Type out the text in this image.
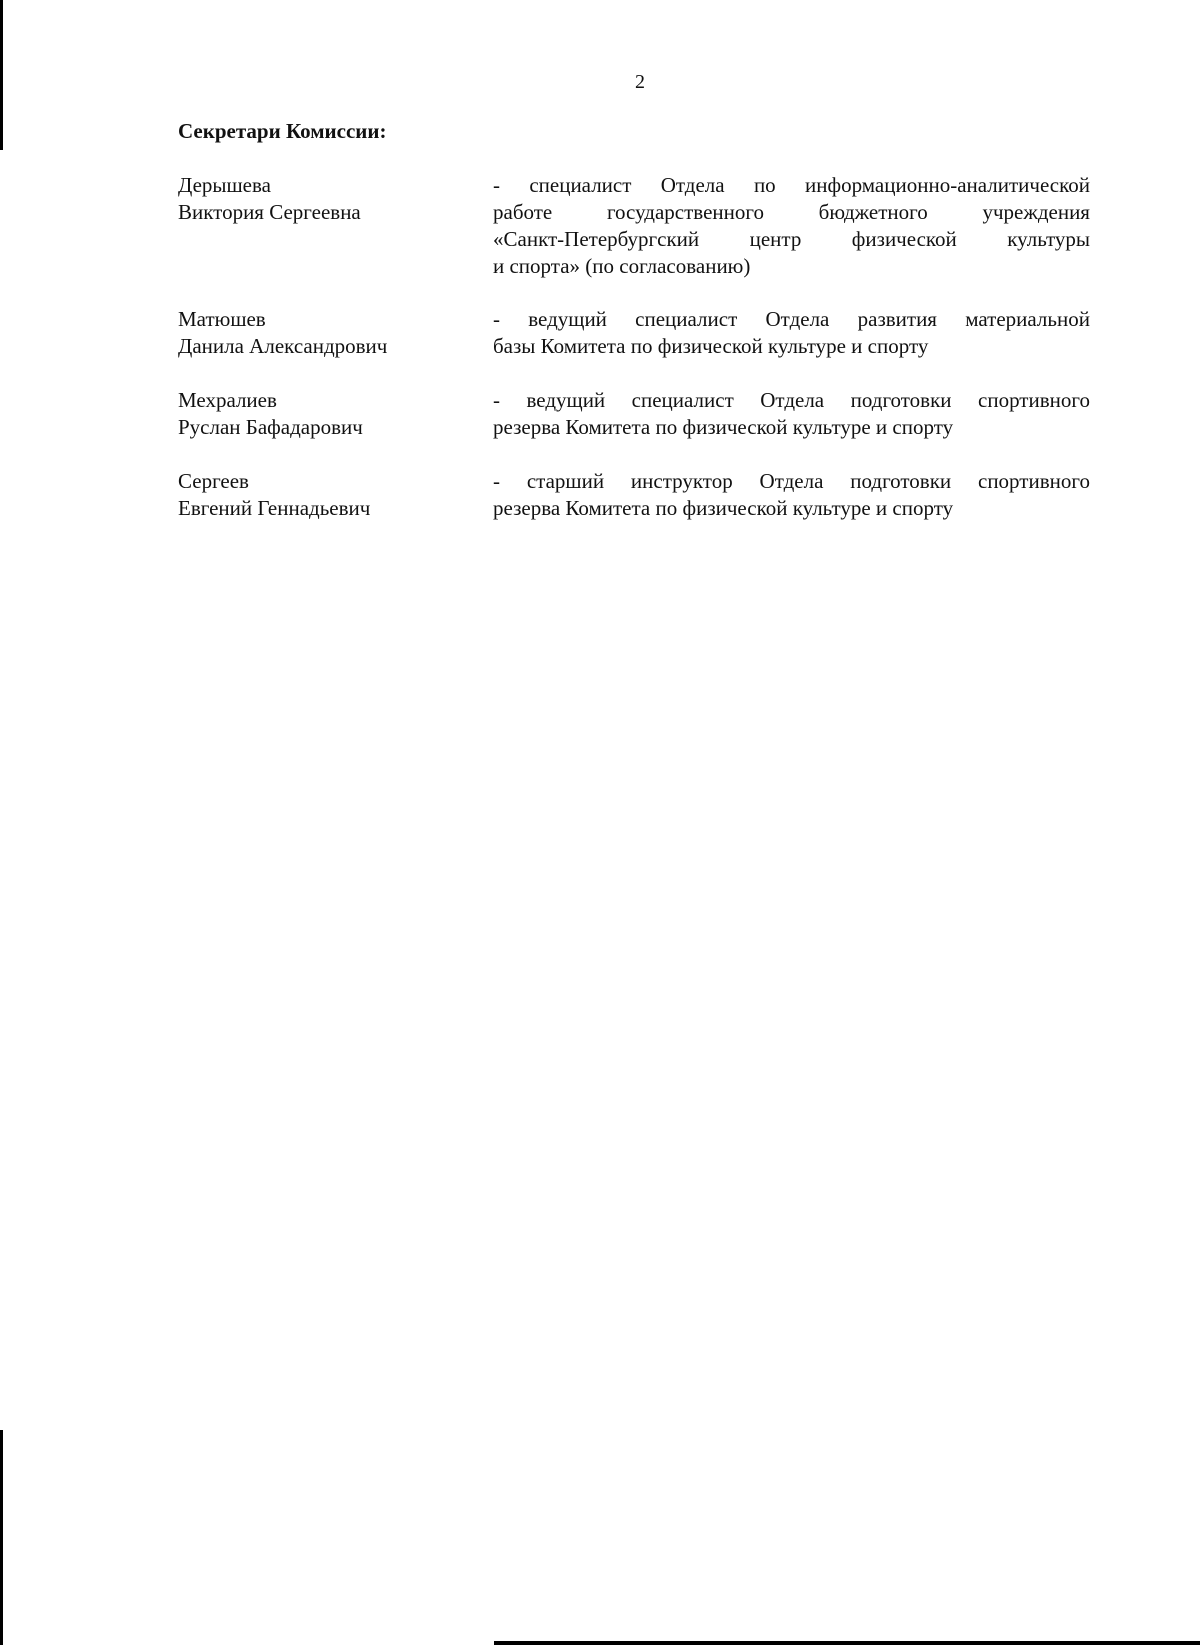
2
Секретари Комиссии:
Дерышева
Виктория Сергеевна
- специалист Отдела по информационно-аналитической
работе	государственного	бюджетного	учреждения
«Санкт-Петербургский центр физической культуры
и спорта» (по согласованию)
Матюшев
Данила Александрович
- ведущий специалист Отдела развития материальной
базы Комитета по физической культуре и спорту
Мехралиев
Руслан Бафадарович
- ведущий специалист Отдела подготовки спортивного
резерва Комитета по физической культуре и спорту
Сергеев
Евгений Геннадьевич
- старший инструктор Отдела подготовки спортивного
резерва Комитета по физической культуре и спорту
